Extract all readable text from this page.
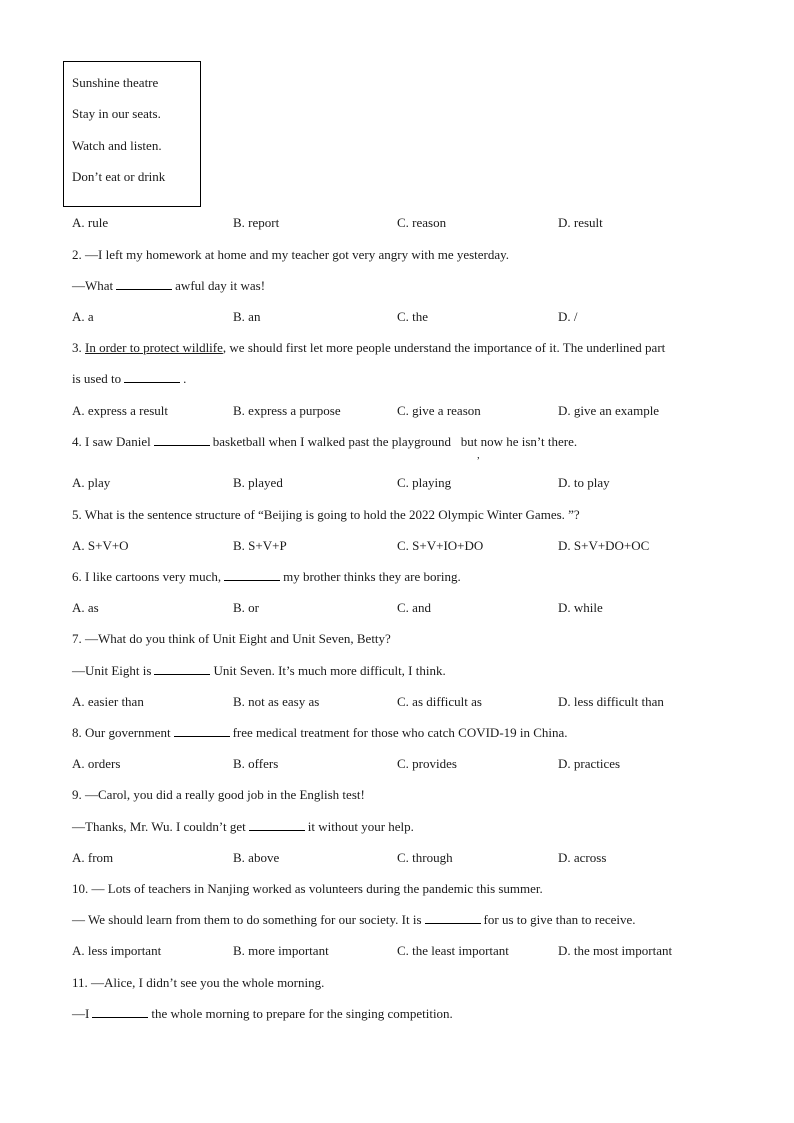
Sunshine theatre
Stay in our seats.
Watch and listen.
Don’t eat or drink
A. rule	B. report	C. reason	D. result
2. —I left my homework at home and my teacher got very angry with me yesterday.
—What	awful day it was!
A. a	B. an	C. the	D. /
3. In order to protect wildlife, we should first let more people understand the importance of it. The underlined part
is used to	.
A. express a result	B. express a purpose	C. give a reason	D. give an example
4. I saw Daniel	basketball when I walked past the playground but now he isn’t there.
,
A. play	B. played	C. playing	D. to play
5. What is the sentence structure of “Beijing is going to hold the 2022 Olympic Winter Games. ”?
A. S+V+O	B. S+V+P	C. S+V+IO+DO	D. S+V+DO+OC
6. I like cartoons very much,	my brother thinks they are boring.
A. as	B. or	C. and	D. while
7. —What do you think of Unit Eight and Unit Seven, Betty?
—Unit Eight is	Unit Seven. It’s much more difficult, I think.
A. easier than	B. not as easy as	C. as difficult as	D. less difficult than
8. Our government	free medical treatment for those who catch COVID-19 in China.
A. orders	B. offers	C. provides	D. practices
9. —Carol, you did a really good job in the English test!
—Thanks, Mr. Wu. I couldn’t get	it without your help.
A. from	B. above	C. through	D. across
10. — Lots of teachers in Nanjing worked as volunteers during the pandemic this summer.
— We should learn from them to do something for our society. It is	for us to give than to receive.
A. less important	B. more important	C. the least important	D. the most important
11. —Alice, I didn’t see you the whole morning.
—I	the whole morning to prepare for the singing competition.
